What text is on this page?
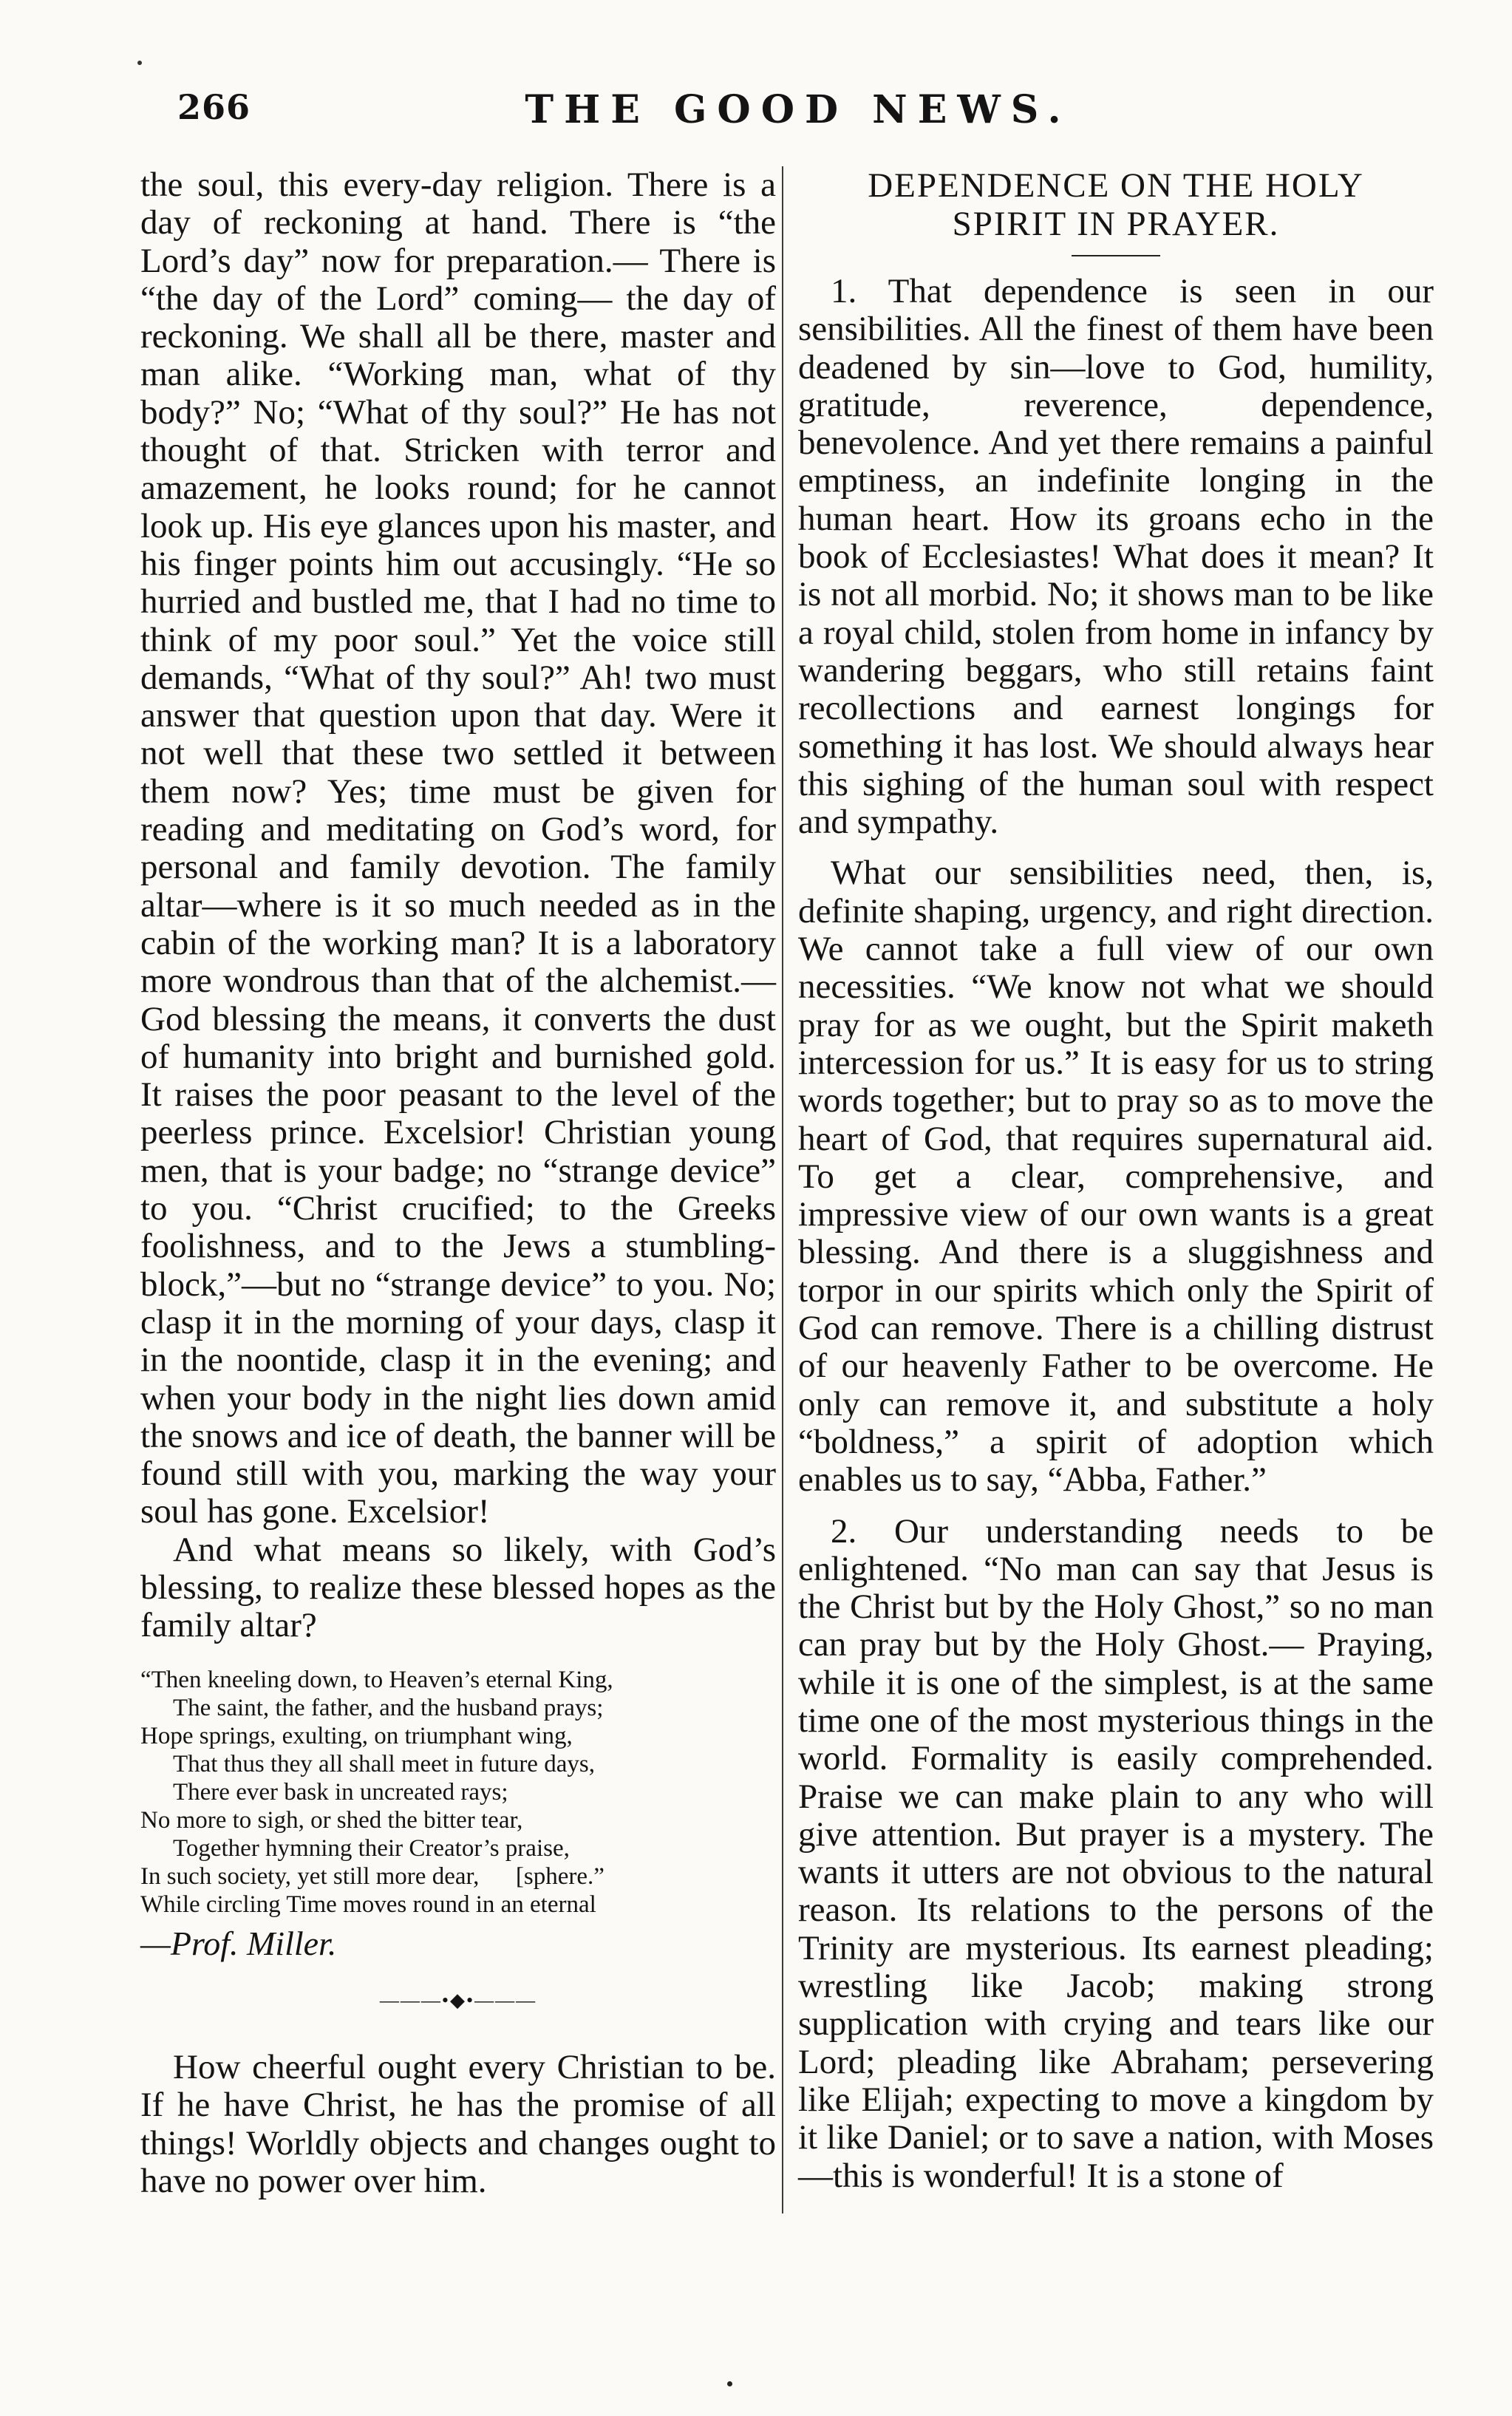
266	THE GOOD NEWS.

the soul, this every-day religion. There is a day of reckoning at hand. There is “the Lord’s day” now for preparation.— There is “the day of the Lord” coming— the day of reckoning. We shall all be there, master and man alike. “Working man, what of thy body?” No; “What of thy soul?” He has not thought of that. Stricken with terror and amazement, he looks round; for he cannot look up. His eye glances upon his master, and his finger points him out accusingly. “He so hurried and bustled me, that I had no time to think of my poor soul.” Yet the voice still demands, “What of thy soul?” Ah! two must answer that question upon that day. Were it not well that these two settled it between them now? Yes; time must be given for reading and meditating on God’s word, for personal and family devotion. The family altar—where is it so much needed as in the cabin of the working man? It is a laboratory more wondrous than that of the alchemist.— God blessing the means, it converts the dust of humanity into bright and burnished gold. It raises the poor peasant to the level of the peerless prince. Excelsior! Christian young men, that is your badge; no “strange device” to you. “Christ crucified; to the Greeks foolishness, and to the Jews a stumbling-block,”—but no “strange device” to you. No; clasp it in the morning of your days, clasp it in the noontide, clasp it in the evening; and when your body in the night lies down amid the snows and ice of death, the banner will be found still with you, marking the way your soul has gone. Excelsior!

And what means so likely, with God’s blessing, to realize these blessed hopes as the family altar?

“Then kneeling down, to Heaven’s eternal King,
The saint, the father, and the husband prays;
Hope springs, exulting, on triumphant wing,
That thus they all shall meet in future days,
There ever bask in uncreated rays;
No more to sigh, or shed the bitter tear,
Together hymning their Creator’s praise,
In such society, yet still more dear,      [sphere.”
While circling Time moves round in an eternal

—Prof. Miller.

———•◆•———

How cheerful ought every Christian to be. If he have Christ, he has the promise of all things! Worldly objects and changes ought to have no power over him.

DEPENDENCE ON THE HOLY
SPIRIT IN PRAYER.

1. That dependence is seen in our sensibilities. All the finest of them have been deadened by sin—love to God, humility, gratitude, reverence, dependence, benevolence. And yet there remains a painful emptiness, an indefinite longing in the human heart. How its groans echo in the book of Ecclesiastes! What does it mean? It is not all morbid. No; it shows man to be like a royal child, stolen from home in infancy by wandering beggars, who still retains faint recollections and earnest longings for something it has lost. We should always hear this sighing of the human soul with respect and sympathy.

What our sensibilities need, then, is, definite shaping, urgency, and right direction. We cannot take a full view of our own necessities. “We know not what we should pray for as we ought, but the Spirit maketh intercession for us.” It is easy for us to string words together; but to pray so as to move the heart of God, that requires supernatural aid. To get a clear, comprehensive, and impressive view of our own wants is a great blessing. And there is a sluggishness and torpor in our spirits which only the Spirit of God can remove. There is a chilling distrust of our heavenly Father to be overcome. He only can remove it, and substitute a holy “boldness,” a spirit of adoption which enables us to say, “Abba, Father.”

2. Our understanding needs to be enlightened. “No man can say that Jesus is the Christ but by the Holy Ghost,” so no man can pray but by the Holy Ghost.— Praying, while it is one of the simplest, is at the same time one of the most mysterious things in the world. Formality is easily comprehended. Praise we can make plain to any who will give attention. But prayer is a mystery. The wants it utters are not obvious to the natural reason. Its relations to the persons of the Trinity are mysterious. Its earnest pleading; wrestling like Jacob; making strong supplication with crying and tears like our Lord; pleading like Abraham; persevering like Elijah; expecting to move a kingdom by it like Daniel; or to save a nation, with Moses —this is wonderful! It is a stone of
